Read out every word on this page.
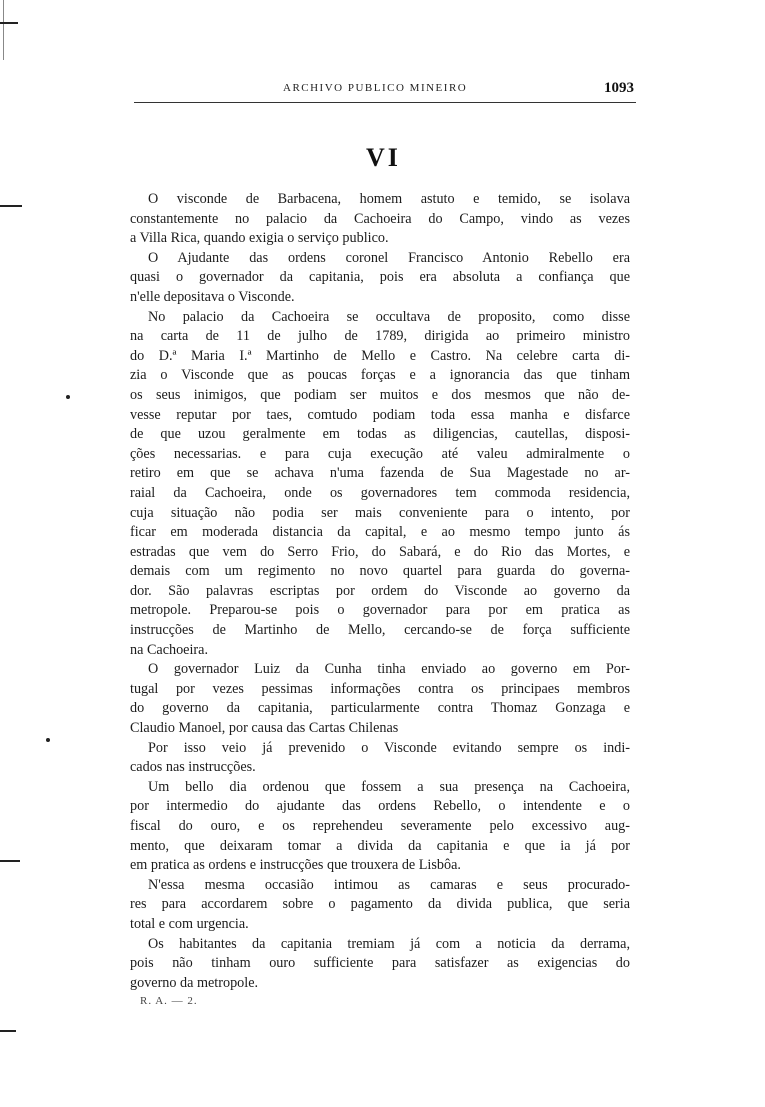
ARCHIVO PUBLICO MINEIRO	1093
VI
O visconde de Barbacena, homem astuto e temido, se isolava
constantemente no palacio da Cachoeira do Campo, vindo as vezes
a Villa Rica, quando exigia o serviço publico.
O Ajudante das ordens coronel Francisco Antonio Rebello era
quasi o governador da capitania, pois era absoluta a confiança que
n'elle depositava o Visconde.
No palacio da Cachoeira se occultava de proposito, como disse
na carta de 11 de julho de 1789, dirigida ao primeiro ministro
do D.ª Maria I.ª Martinho de Mello e Castro. Na celebre carta di-
zia o Visconde que as poucas forças e a ignorancia das que tinham
os seus inimigos, que podiam ser muitos e dos mesmos que não de-
vesse reputar por taes, comtudo podiam toda essa manha e disfarce
de que uzou geralmente em todas as diligencias, cautellas, disposi-
ções necessarias. e para cuja execução até valeu admiralmente o
retiro em que se achava n'uma fazenda de Sua Magestade no ar-
raial da Cachoeira, onde os governadores tem commoda residencia,
cuja situação não podia ser mais conveniente para o intento, por
ficar em moderada distancia da capital, e ao mesmo tempo junto ás
estradas que vem do Serro Frio, do Sabará, e do Rio das Mortes, e
demais com um regimento no novo quartel para guarda do governa-
dor. São palavras escriptas por ordem do Visconde ao governo da
metropole. Preparou-se pois o governador para por em pratica as
instrucções de Martinho de Mello, cercando-se de força sufficiente
na Cachoeira.
O governador Luiz da Cunha tinha enviado ao governo em Por-
tugal por vezes pessimas informações contra os principaes membros
do governo da capitania, particularmente contra Thomaz Gonzaga e
Claudio Manoel, por causa das Cartas Chilenas
Por isso veio já prevenido o Visconde evitando sempre os indi-
cados nas instrucções.
Um bello dia ordenou que fossem a sua presença na Cachoeira,
por intermedio do ajudante das ordens Rebello, o intendente e o
fiscal do ouro, e os reprehendeu severamente pelo excessivo aug-
mento, que deixaram tomar a divida da capitania e que ia já por
em pratica as ordens e instrucções que trouxera de Lisbôa.
N'essa mesma occasião intimou as camaras e seus procurado-
res para accordarem sobre o pagamento da divida publica, que seria
total e com urgencia.
Os habitantes da capitania tremiam já com a noticia da derrama,
pois não tinham ouro sufficiente para satisfazer as exigencias do
governo da metropole.
R. A. — 2.
